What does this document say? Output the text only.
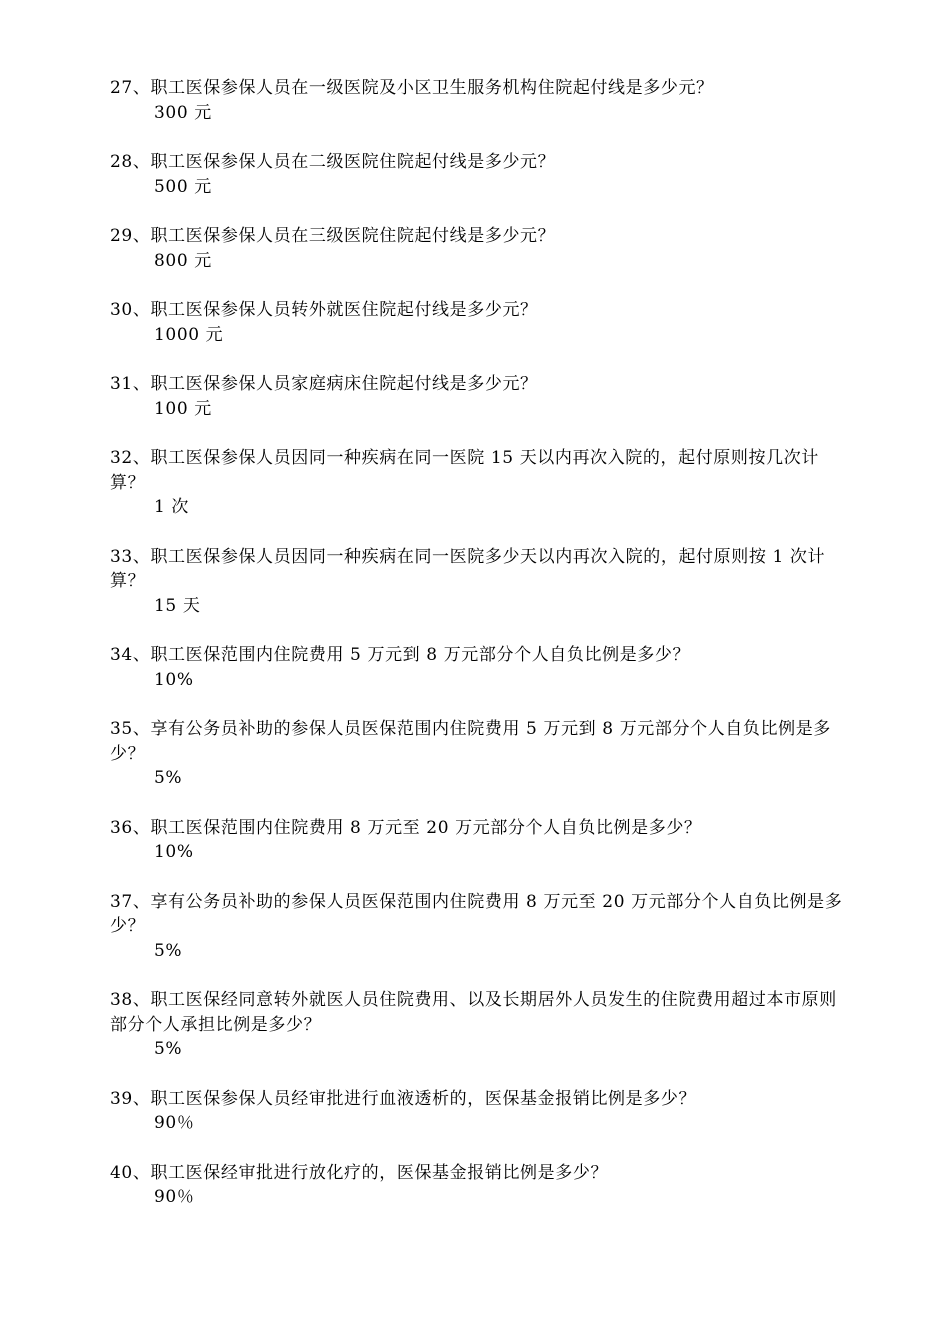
27、职工医保参保人员在一级医院及小区卫生服务机构住院起付线是多少元？

300 元

28、职工医保参保人员在二级医院住院起付线是多少元？

500 元

29、职工医保参保人员在三级医院住院起付线是多少元？

800 元

30、职工医保参保人员转外就医住院起付线是多少元？

1000 元

31、职工医保参保人员家庭病床住院起付线是多少元？

100 元

32、职工医保参保人员因同一种疾病在同一医院 15 天以内再次入院的，起付原则按几次计算？

1 次

33、职工医保参保人员因同一种疾病在同一医院多少天以内再次入院的，起付原则按 1 次计算？

15 天

34、职工医保范围内住院费用 5 万元到 8 万元部分个人自负比例是多少？

10%

35、享有公务员补助的参保人员医保范围内住院费用 5 万元到 8 万元部分个人自负比例是多少？

5%

36、职工医保范围内住院费用 8 万元至 20 万元部分个人自负比例是多少？

10%

37、享有公务员补助的参保人员医保范围内住院费用 8 万元至 20 万元部分个人自负比例是多少？

5%

38、职工医保经同意转外就医人员住院费用、以及长期居外人员发生的住院费用超过本市原则部分个人承担比例是多少？

5%

39、职工医保参保人员经审批进行血液透析的，医保基金报销比例是多少？

90％

40、职工医保经审批进行放化疗的，医保基金报销比例是多少？

90％
